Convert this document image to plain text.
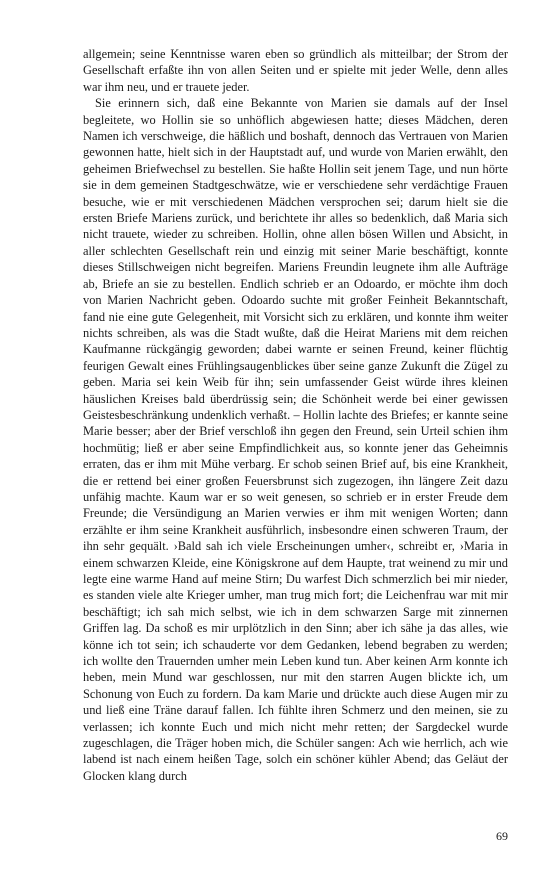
allgemein; seine Kenntnisse waren eben so gründlich als mitteilbar; der Strom der Gesellschaft erfaßte ihn von allen Seiten und er spielte mit jeder Welle, denn alles war ihm neu, und er trauete jeder.

Sie erinnern sich, daß eine Bekannte von Marien sie damals auf der Insel begleitete, wo Hollin sie so unhöflich abgewiesen hatte; dieses Mädchen, deren Namen ich verschweige, die häßlich und boshaft, dennoch das Vertrauen von Marien gewonnen hatte, hielt sich in der Hauptstadt auf, und wurde von Marien erwählt, den geheimen Briefwechsel zu bestellen. Sie haßte Hollin seit jenem Tage, und nun hörte sie in dem gemeinen Stadtgeschwätze, wie er verschiedene sehr verdächtige Frauen besuche, wie er mit verschiedenen Mädchen versprochen sei; darum hielt sie die ersten Briefe Mariens zurück, und berichtete ihr alles so bedenklich, daß Maria sich nicht trauete, wieder zu schreiben. Hollin, ohne allen bösen Willen und Absicht, in aller schlechten Gesellschaft rein und einzig mit seiner Marie beschäftigt, konnte dieses Stillschweigen nicht begreifen. Mariens Freundin leugnete ihm alle Aufträge ab, Briefe an sie zu bestellen. Endlich schrieb er an Odoardo, er möchte ihm doch von Marien Nachricht geben. Odoardo suchte mit großer Feinheit Bekanntschaft, fand nie eine gute Gelegenheit, mit Vorsicht sich zu erklären, und konnte ihm weiter nichts schreiben, als was die Stadt wußte, daß die Heirat Mariens mit dem reichen Kaufmanne rückgängig geworden; dabei warnte er seinen Freund, keiner flüchtig feurigen Gewalt eines Frühlingsaugenblickes über seine ganze Zukunft die Zügel zu geben. Maria sei kein Weib für ihn; sein umfassender Geist würde ihres kleinen häuslichen Kreises bald überdrüssig sein; die Schönheit werde bei einer gewissen Geistesbeschränkung undenklich verhaßt. – Hollin lachte des Briefes; er kannte seine Marie besser; aber der Brief verschloß ihn gegen den Freund, sein Urteil schien ihm hochmütig; ließ er aber seine Empfindlichkeit aus, so konnte jener das Geheimnis erraten, das er ihm mit Mühe verbarg. Er schob seinen Brief auf, bis eine Krankheit, die er rettend bei einer großen Feuersbrunst sich zugezogen, ihn längere Zeit dazu unfähig machte. Kaum war er so weit genesen, so schrieb er in erster Freude dem Freunde; die Versündigung an Marien verwies er ihm mit wenigen Worten; dann erzählte er ihm seine Krankheit ausführlich, insbesondre einen schweren Traum, der ihn sehr gequält. ›Bald sah ich viele Erscheinungen umher‹, schreibt er, ›Maria in einem schwarzen Kleide, eine Königskrone auf dem Haupte, trat weinend zu mir und legte eine warme Hand auf meine Stirn; Du warfest Dich schmerzlich bei mir nieder, es standen viele alte Krieger umher, man trug mich fort; die Leichenfrau war mit mir beschäftigt; ich sah mich selbst, wie ich in dem schwarzen Sarge mit zinnernen Griffen lag. Da schoß es mir urplötzlich in den Sinn; aber ich sähe ja das alles, wie könne ich tot sein; ich schauderte vor dem Gedanken, lebend begraben zu werden; ich wollte den Trauernden umher mein Leben kund tun. Aber keinen Arm konnte ich heben, mein Mund war geschlossen, nur mit den starren Augen blickte ich, um Schonung von Euch zu fordern. Da kam Marie und drückte auch diese Augen mir zu und ließ eine Träne darauf fallen. Ich fühlte ihren Schmerz und den meinen, sie zu verlassen; ich konnte Euch und mich nicht mehr retten; der Sargdeckel wurde zugeschlagen, die Träger hoben mich, die Schüler sangen: Ach wie herrlich, ach wie labend ist nach einem heißen Tage, solch ein schöner kühler Abend; das Geläut der Glocken klang durch

69
